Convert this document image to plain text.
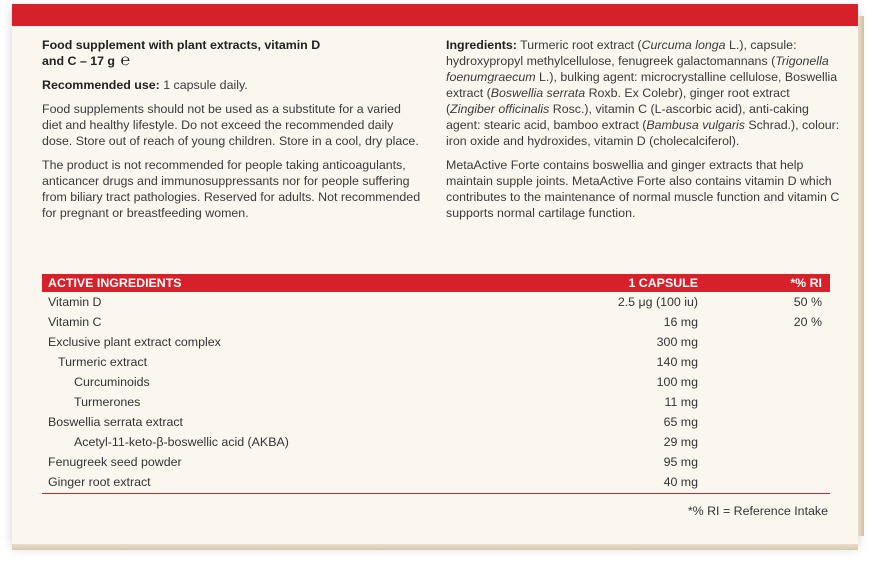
Food supplement with plant extracts, vitamin D
and C – 17 g ℮

Recommended use: 1 capsule daily.

Food supplements should not be used as a substitute for a varied diet and healthy lifestyle. Do not exceed the recommended daily dose. Store out of reach of young children. Store in a cool, dry place.

The product is not recommended for people taking anticoagulants, anticancer drugs and immunosuppressants nor for people suffering from biliary tract pathologies. Reserved for adults. Not recommended for pregnant or breastfeeding women.

Ingredients: Turmeric root extract (Curcuma longa L.), capsule: hydroxypropyl methylcellulose, fenugreek galactomannans (Trigonella foenumgraecum L.), bulking agent: microcrystalline cellulose, Boswellia extract (Boswellia serrata Roxb. Ex Colebr), ginger root extract (Zingiber officinalis Rosc.), vitamin C (L-ascorbic acid), anti-caking agent: stearic acid, bamboo extract (Bambusa vulgaris Schrad.), colour: iron oxide and hydroxides, vitamin D (cholecalciferol).

MetaActive Forte contains boswellia and ginger extracts that help maintain supple joints. MetaActive Forte also contains vitamin D which contributes to the maintenance of normal muscle function and vitamin C supports normal cartilage function.

ACTIVE INGREDIENTS	1 CAPSULE	*% RI
Vitamin D	2.5 μg (100 iu)	50 %
Vitamin C	16 mg	20 %
Exclusive plant extract complex	300 mg
Turmeric extract	140 mg
Curcuminoids	100 mg
Turmerones	11 mg
Boswellia serrata extract	65 mg
Acetyl-11-keto-β-boswellic acid (AKBA)	29 mg
Fenugreek seed powder	95 mg
Ginger root extract	40 mg
*% RI = Reference Intake
